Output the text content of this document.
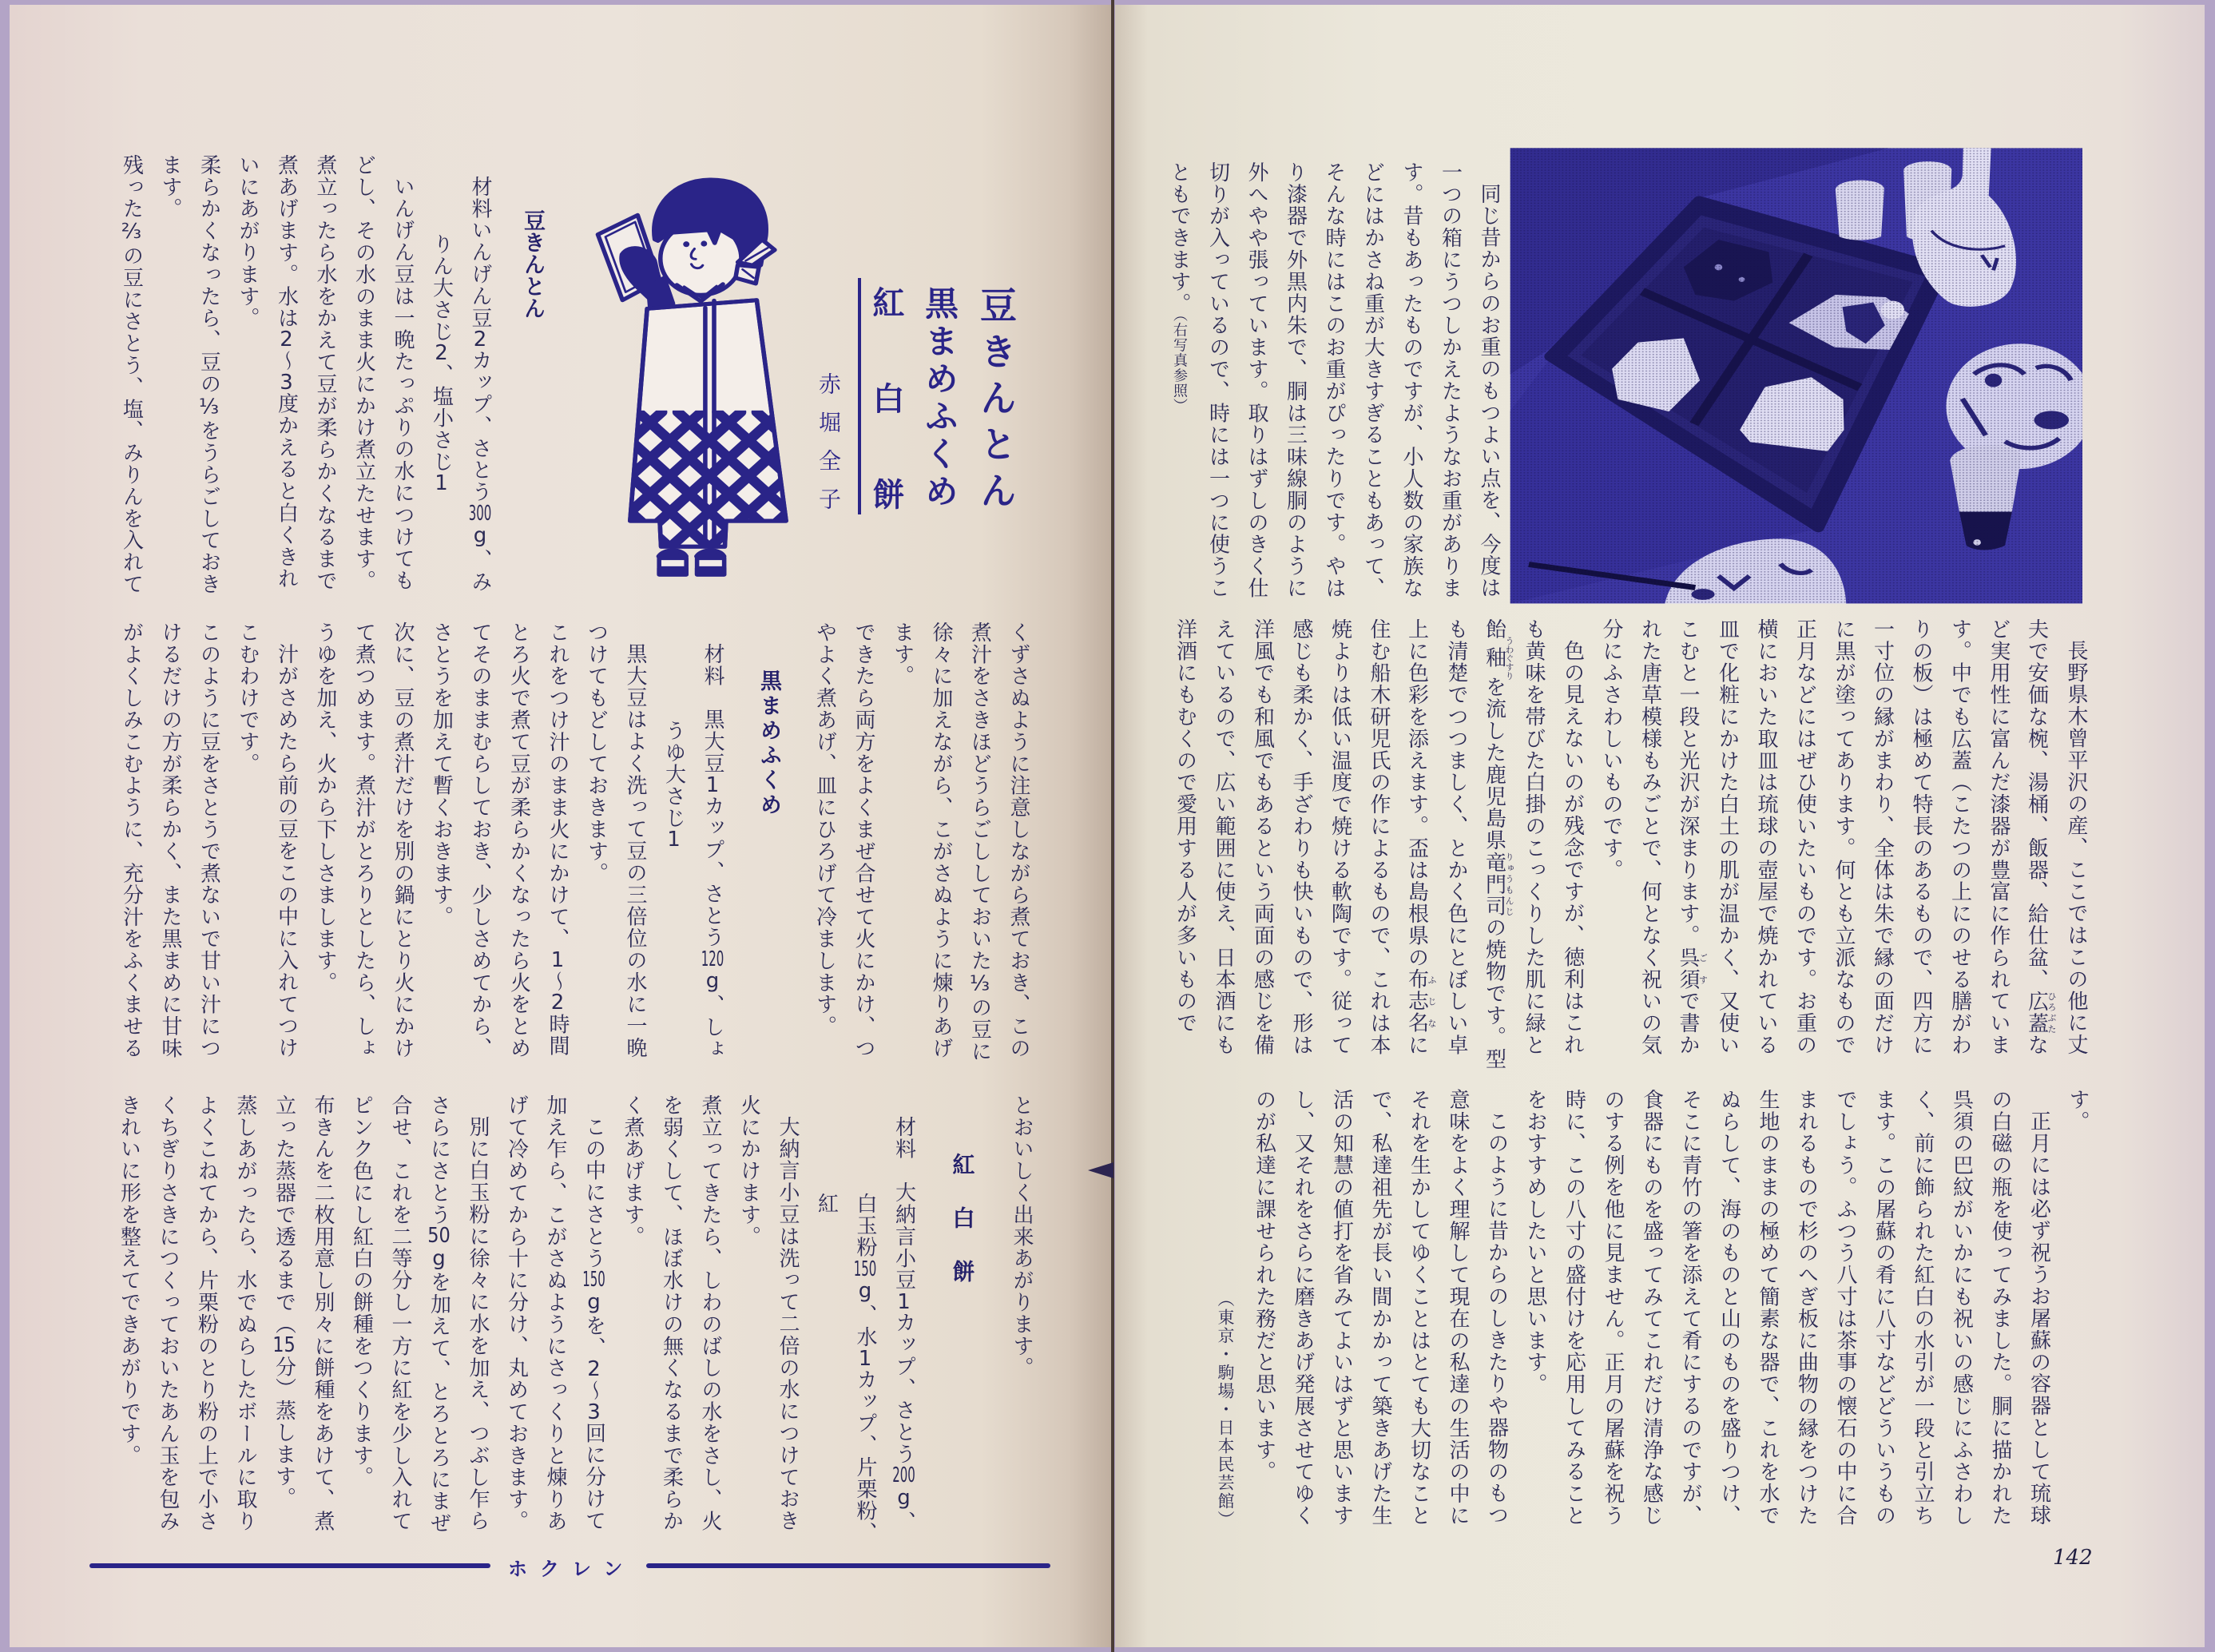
豆きんとん
材料いんげん豆2カップ、さとう300g、み
りん大さじ2、塩小さじ1
いんげん豆は一晩たっぷりの水につけても
どし、その水のまま火にかけ煮立たせます。
煮立ったら水をかえて豆が柔らかくなるまで
煮あげます。水は2〜3度かえると白くきれ
いにあがります。
柔らかくなったら、豆の⅓をうらごしておき
ます。
残った⅔の豆にさとう、塩、みりんを入れて
くずさぬように注意しながら煮ておき、この
煮汁をさきほどうらごししておいた⅓の豆に
徐々に加えながら、こがさぬように煉りあげ
ます。
できたら両方をよくまぜ合せて火にかけ、つ
やよく煮あげ、皿にひろげて冷まします。
黒まめふくめ
材料　黒大豆1カップ、さとう120g、しょ
うゆ大さじ1
黒大豆はよく洗って豆の三倍位の水に一晩
つけてもどしておきます。
これをつけ汁のまま火にかけて、1〜2時間
とろ火で煮て豆が柔らかくなったら火をとめ
てそのままむらしておき、少しさめてから、
さとうを加えて暫くおきます。
次に、豆の煮汁だけを別の鍋にとり火にかけ
て煮つめます。煮汁がとろりとしたら、しょ
うゆを加え、火から下しさまします。
汁がさめたら前の豆をこの中に入れてつけ
こむわけです。
このように豆をさとうで煮ないで甘い汁につ
けるだけの方が柔らかく、また黒まめに甘味
がよくしみこむように、充分汁をふくませる
とおいしく出来あがります。
紅白餅
材料　大納言小豆1カップ、さとう200g、
白玉粉150g、水1カップ、片栗粉、
紅
大納言小豆は洗って二倍の水につけておき
火にかけます。
煮立ってきたら、しわのばしの水をさし、火
を弱くして、ほぼ水けの無くなるまで柔らか
く煮あげます。
この中にさとう150gを、2〜3回に分けて
加え乍ら、こがさぬようにさっくりと煉りあ
げて冷めてから十に分け、丸めておきます。
別に白玉粉に徐々に水を加え、つぶし乍ら
さらにさとう50gを加えて、とろとろにまぜ
合せ、これを二等分し一方に紅を少し入れて
ピンク色にし紅白の餅種をつくります。
布きんを二枚用意し別々に餅種をあけて、煮
立った蒸器で透るまで（15分）蒸します。
蒸しあがったら、水でぬらしたボールに取り
よくこねてから、片栗粉のとり粉の上で小さ
くちぎりさきにつくっておいたあん玉を包み
きれいに形を整えてできあがりです。
豆きんとん
黒まめふくめ
紅白餅
赤堀全子
ホクレン
同じ昔からのお重のもつよい点を、今度は
一つの箱にうつしかえたようなお重がありま
す。昔もあったものですが、小人数の家族な
どにはかさね重が大きすぎることもあって、
そんな時にはこのお重がぴったりです。やは
り漆器で外黒内朱で、胴は三味線胴のように
外へやや張っています。取りはずしのきく仕
切りが入っているので、時には一つに使うこ
ともできます。（右写真参照）
長野県木曾平沢の産、ここではこの他に丈
夫で安価な椀、湯桶、飯器、給仕盆、広蓋ひろぶたな
ど実用性に富んだ漆器が豊富に作られていま
す。中でも広蓋（こたつの上にのせる膳がわ
りの板）は極めて特長のあるもので、四方に
一寸位の縁がまわり、全体は朱で縁の面だけ
に黒が塗ってあります。何とも立派なもので
正月などにはぜひ使いたいものです。お重の
横においた取皿は琉球の壺屋で焼かれている
皿で化粧にかけた白土の肌が温かく、又使い
こむと一段と光沢が深まります。呉須ごすで書か
れた唐草模様もみごとで、何となく祝いの気
分にふさわしいものです。
色の見えないのが残念ですが、徳利はこれ
も黄味を帯びた白掛のこっくりした肌に緑と
飴釉うわぐすりを流した鹿児島県竜門司りゅうもんじの焼物です。型
も清楚でつつましく、とかく色にとぼしい卓
上に色彩を添えます。盃は島根県の布志名ふじなに
住む船木研児氏の作によるもので、これは本
焼よりは低い温度で焼ける軟陶です。従って
感じも柔かく、手ざわりも快いもので、形は
洋風でも和風でもあるという両面の感じを備
えているので、広い範囲に使え、日本酒にも
洋酒にもむくので愛用する人が多いもので
す。
正月には必ず祝うお屠蘇の容器として琉球
の白磁の瓶を使ってみました。胴に描かれた
呉須の巴紋がいかにも祝いの感じにふさわし
く、前に飾られた紅白の水引が一段と引立ち
ます。この屠蘇の肴に八寸などどういうもの
でしょう。ふつう八寸は茶事の懐石の中に合
まれるもので杉のへぎ板に曲物の縁をつけた
生地のままの極めて簡素な器で、これを水で
ぬらして、海のものと山のものを盛りつけ、
そこに青竹の箸を添えて肴にするのですが、
食器にものを盛ってみてこれだけ清浄な感じ
のする例を他に見ません。正月の屠蘇を祝う
時に、この八寸の盛付けを応用してみること
をおすすめしたいと思います。
このように昔からのしきたりや器物のもつ
意味をよく理解して現在の私達の生活の中に
それを生かしてゆくことはとても大切なこと
で、私達祖先が長い間かかって築きあげた生
活の知慧の値打を省みてよいはずと思います
し、又それをさらに磨きあげ発展させてゆく
のが私達に課せられた務だと思います。
（東京・駒場・日本民芸館）
142
